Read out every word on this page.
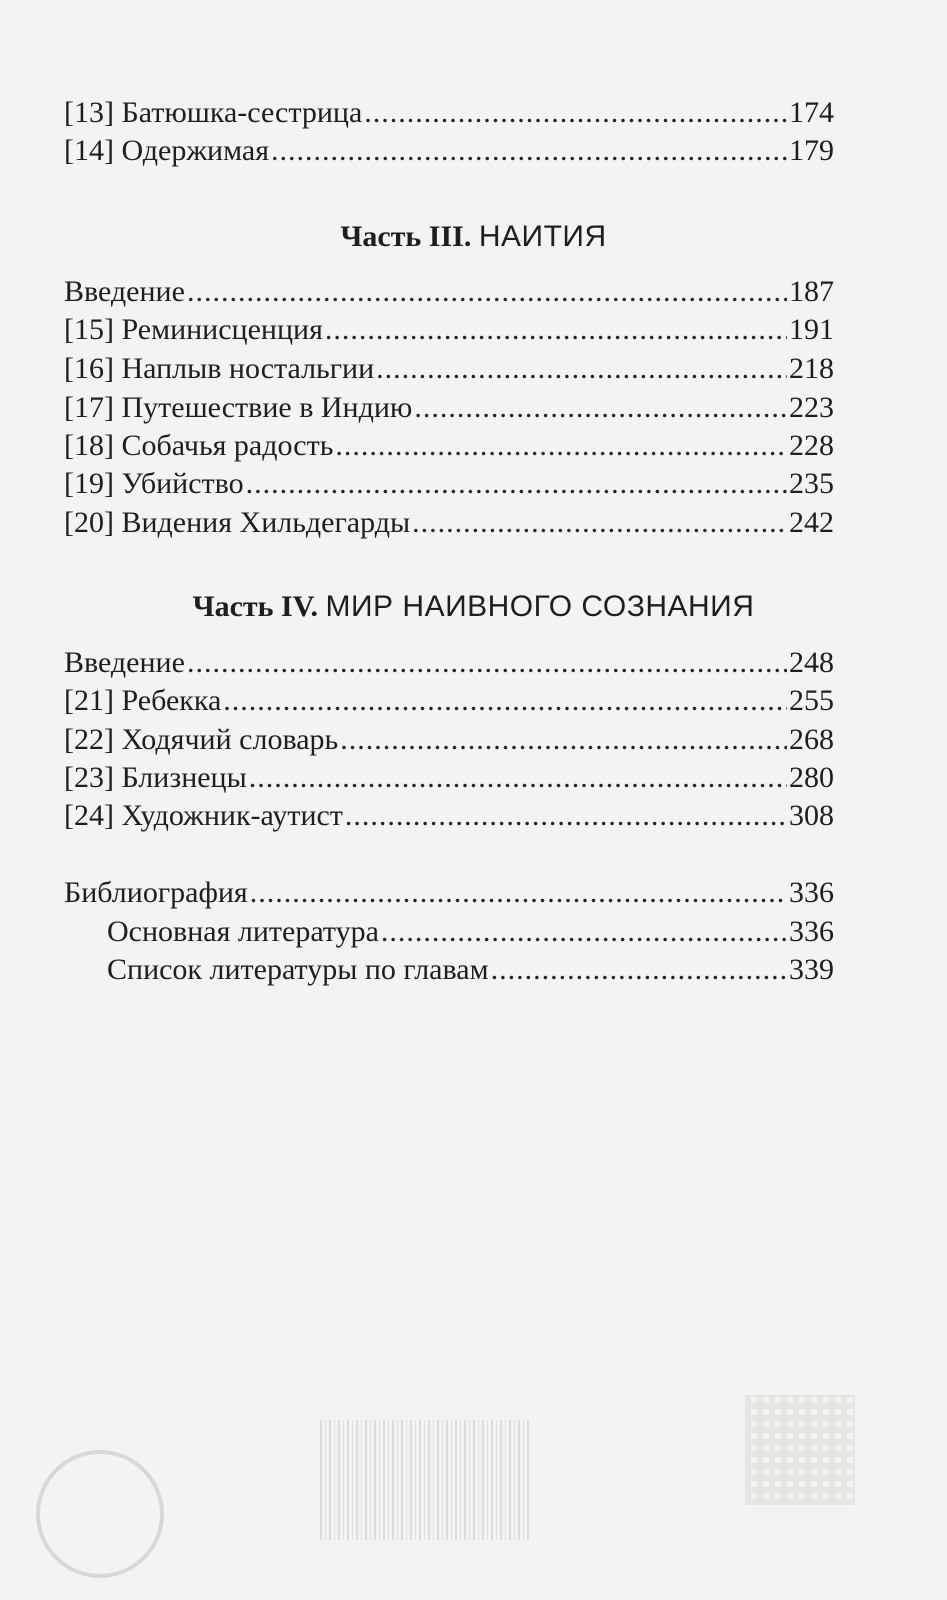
[13] Батюшка-сестрица .....	174
[14] Одержимая .....	179
Часть III. НАИТИЯ
Введение .....	187
[15] Реминисценция .....	191
[16] Наплыв ностальгии .....	218
[17] Путешествие в Индию .....	223
[18] Собачья радость .....	228
[19] Убийство .....	235
[20] Видения Хильдегарды .....	242
Часть IV. МИР НАИВНОГО СОЗНАНИЯ
Введение .....	248
[21] Ребекка .....	255
[22] Ходячий словарь .....	268
[23] Близнецы .....	280
[24] Художник-аутист .....	308
Библиография .....	336
Основная литература .....	336
Список литературы по главам .....	339
